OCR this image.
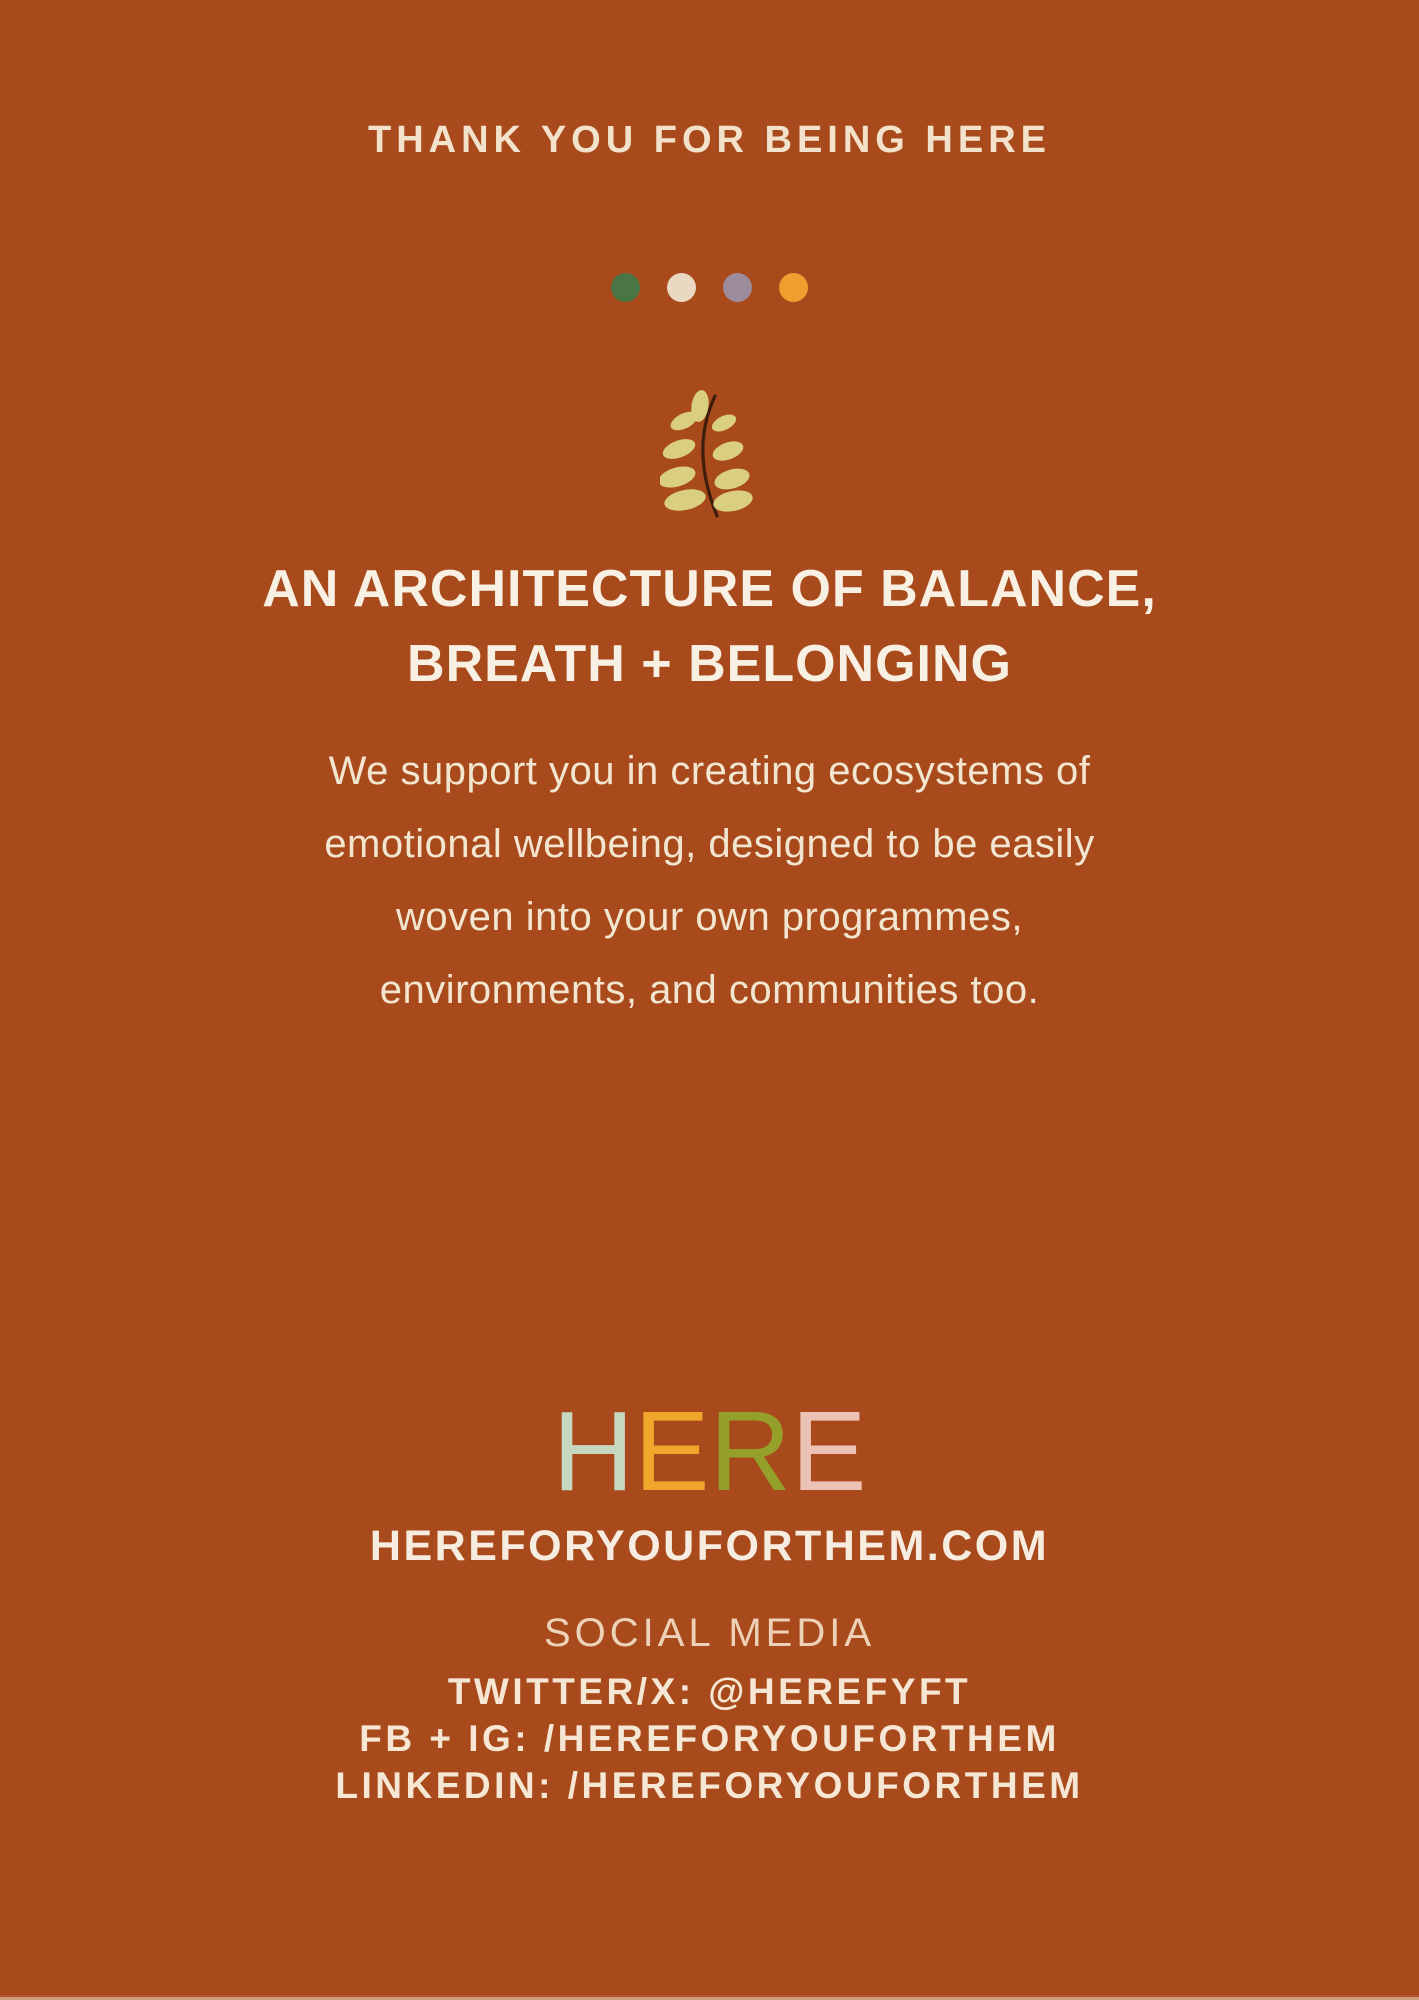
THANK YOU FOR BEING HERE
AN ARCHITECTURE OF BALANCE,
BREATH + BELONGING
We support you in creating ecosystems of
emotional wellbeing, designed to be easily
woven into your own programmes,
environments, and communities too.
HERE
HEREFORYOUFORTHEM.COM
SOCIAL MEDIA
TWITTER/X: @HEREFYFT
FB + IG: /HEREFORYOUFORTHEM
LINKEDIN: /HEREFORYOUFORTHEM
